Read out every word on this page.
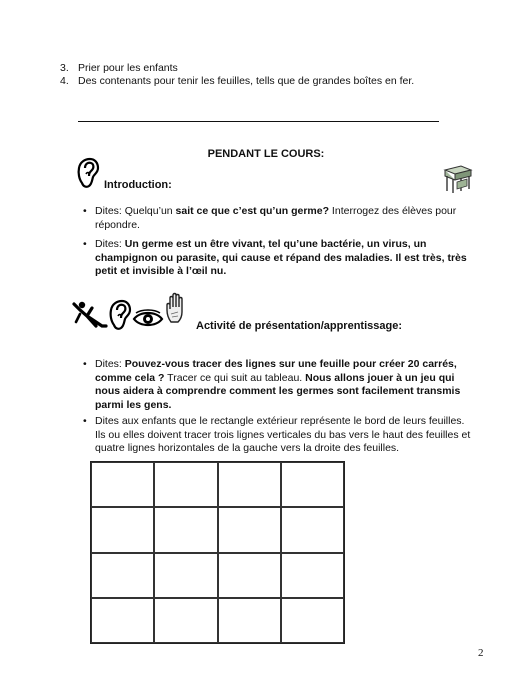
3. Prier pour les enfants
4. Des contenants pour tenir les feuilles, tells que de grandes boîtes en fer.
PENDANT LE COURS:
Introduction:
• Dites: Quelqu’un sait ce que c’est qu’un germe? Interrogez des élèves pour répondre.
• Dites: Un germe est un être vivant, tel qu’une bactérie, un virus, un champignon ou parasite, qui cause et répand des maladies. Il est très, très petit et invisible à l’œil nu.
Activité de présentation/apprentissage:
• Dites: Pouvez-vous tracer des lignes sur une feuille pour créer 20 carrés, comme cela ? Tracer ce qui suit au tableau. Nous allons jouer à un jeu qui nous aidera à comprendre comment les germes sont facilement transmis parmi les gens.
• Dites aux enfants que le rectangle extérieur représente le bord de leurs feuilles. Ils ou elles doivent tracer trois lignes verticales du bas vers le haut des feuilles et quatre lignes horizontales de la gauche vers la droite des feuilles.
2
